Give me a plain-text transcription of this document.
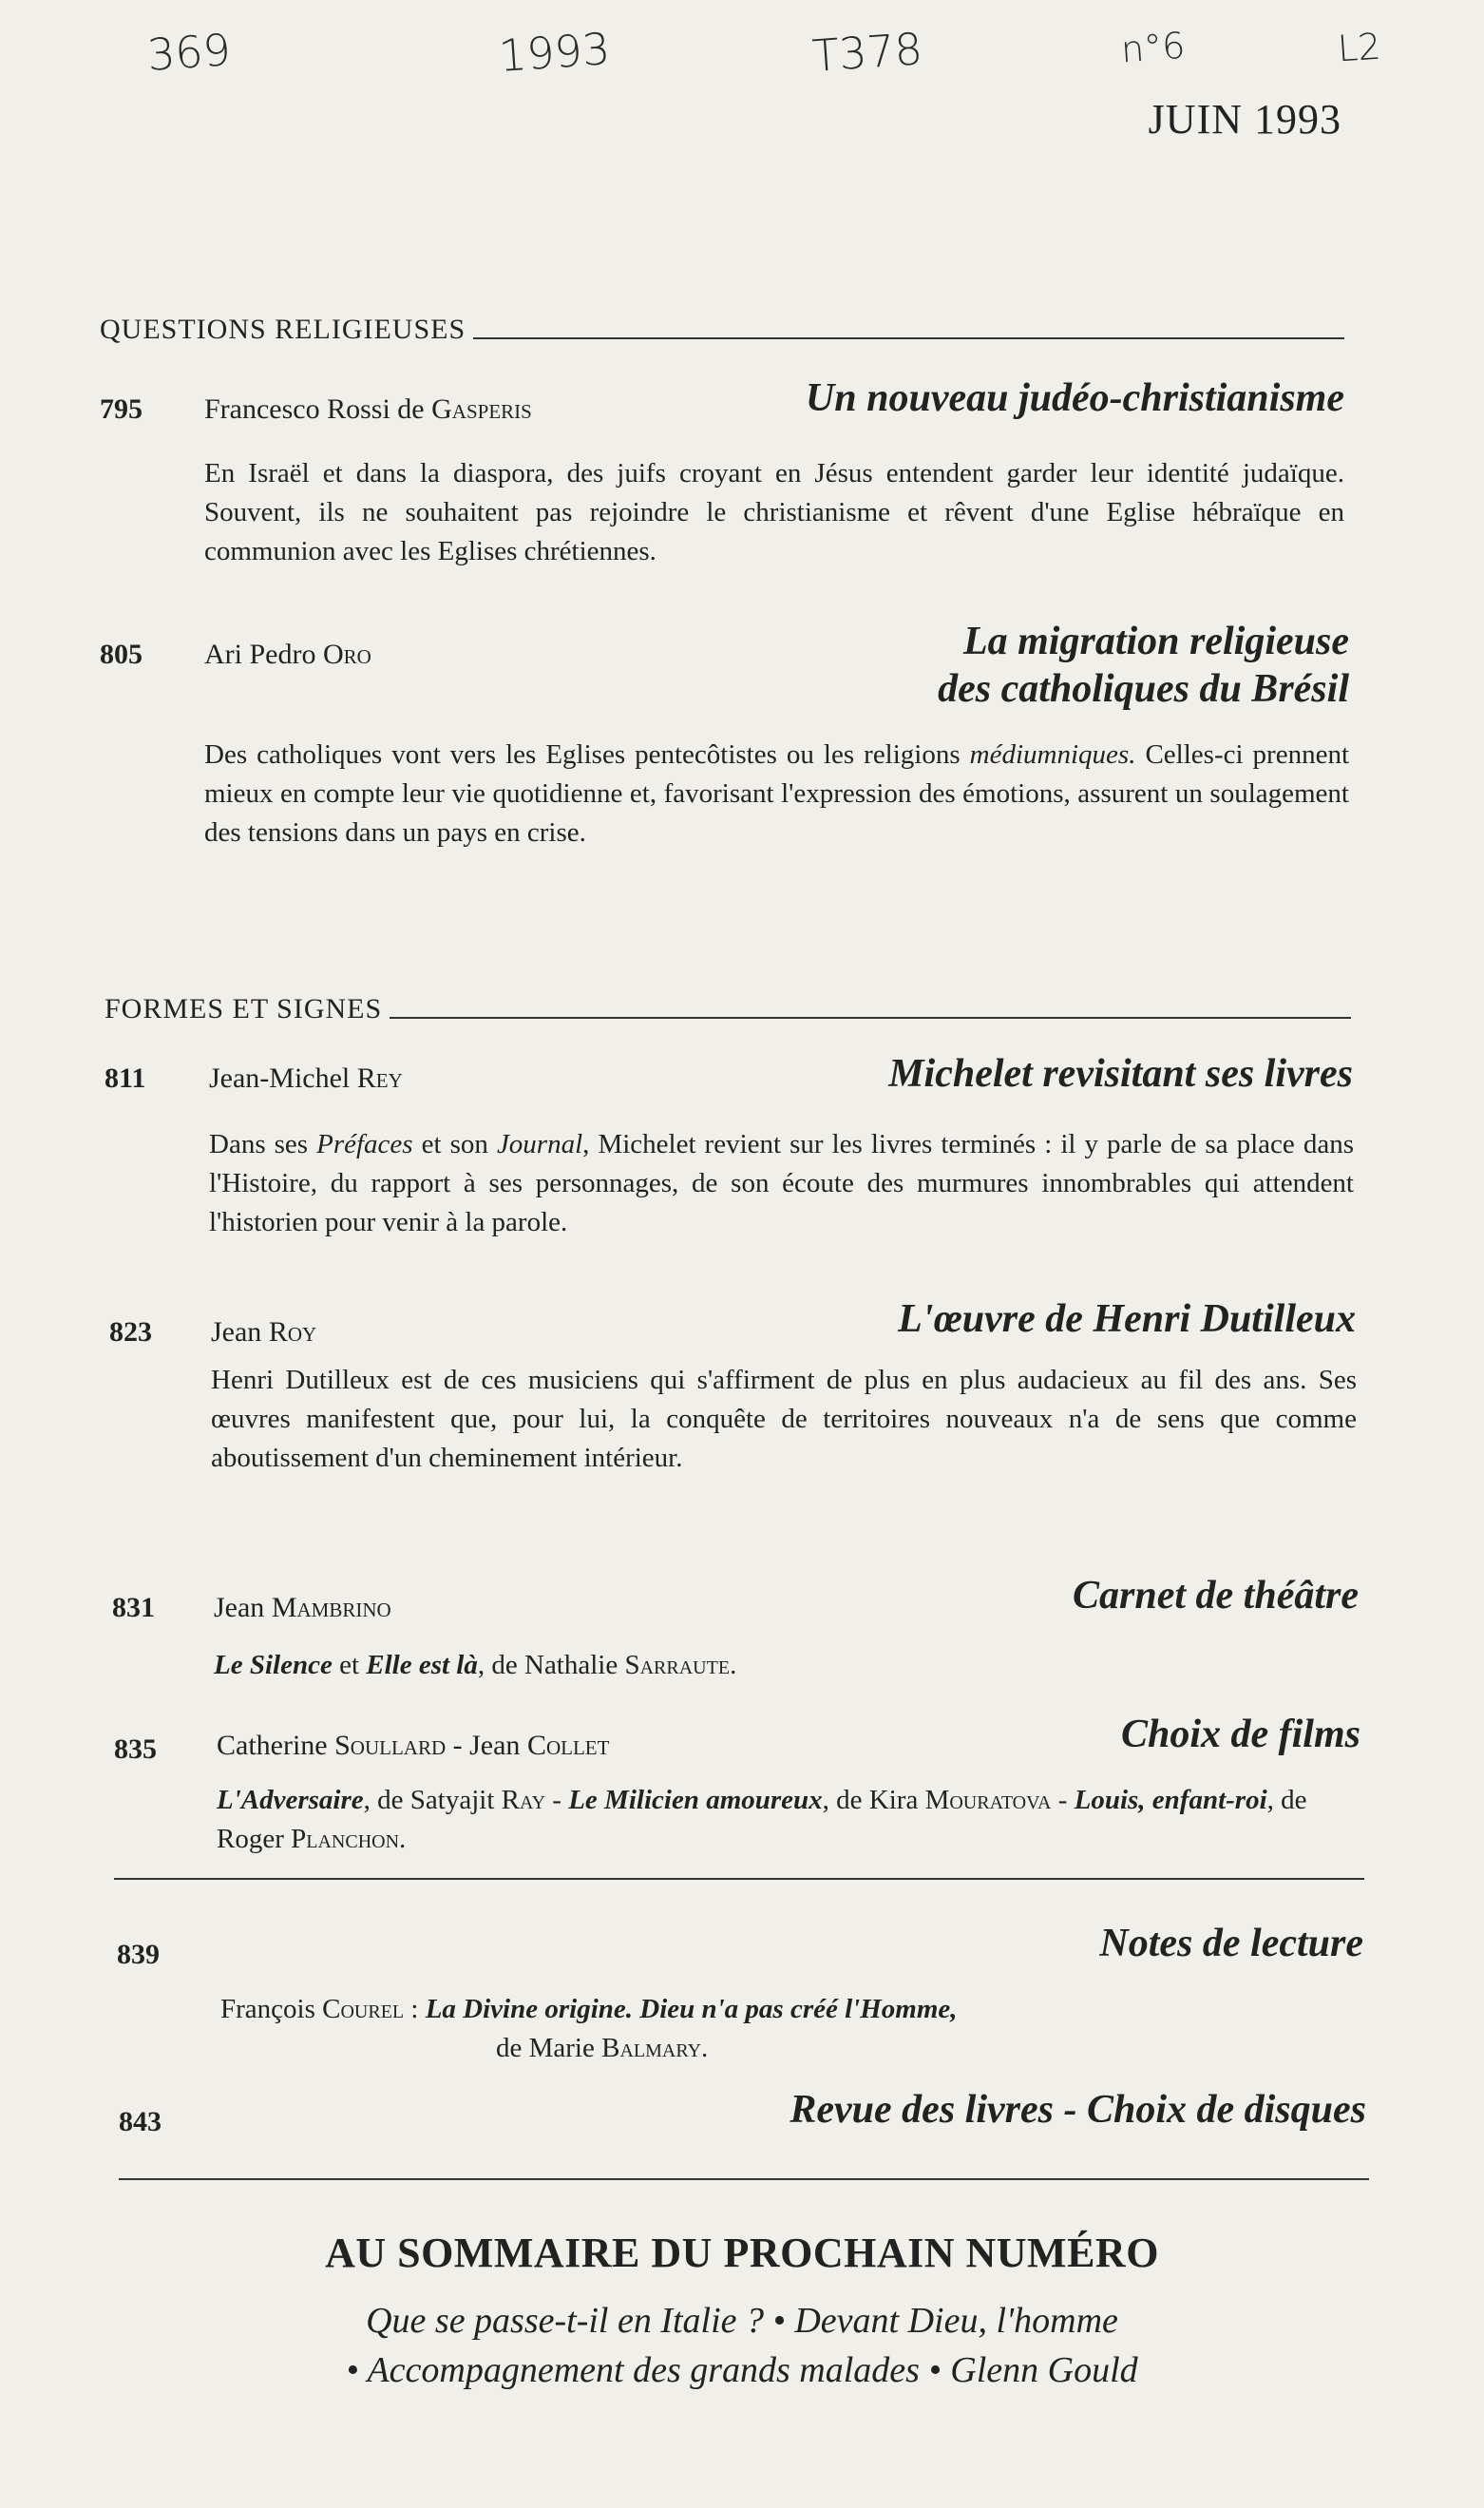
369	1993	T378	n°6	L2
JUIN 1993
QUESTIONS RELIGIEUSES
795 Francesco Rossi de Gasperis	Un nouveau judéo-christianisme
En Israël et dans la diaspora, des juifs croyant en Jésus entendent garder leur identité judaïque. Souvent, ils ne souhaitent pas rejoindre le christianisme et rêvent d'une Eglise hébraïque en communion avec les Eglises chrétiennes.
805 Ari Pedro Oro	La migration religieuse
des catholiques du Brésil
Des catholiques vont vers les Eglises pentecôtistes ou les religions médiumniques. Celles-ci prennent mieux en compte leur vie quotidienne et, favorisant l'expression des émotions, assurent un soulagement des tensions dans un pays en crise.
FORMES ET SIGNES
811 Jean-Michel Rey	Michelet revisitant ses livres
Dans ses Préfaces et son Journal, Michelet revient sur les livres terminés : il y parle de sa place dans l'Histoire, du rapport à ses personnages, de son écoute des murmures innombrables qui attendent l'historien pour venir à la parole.
823 Jean Roy	L'œuvre de Henri Dutilleux
Henri Dutilleux est de ces musiciens qui s'affirment de plus en plus audacieux au fil des ans. Ses œuvres manifestent que, pour lui, la conquête de territoires nouveaux n'a de sens que comme aboutissement d'un cheminement intérieur.
831 Jean Mambrino	Carnet de théâtre
Le Silence et Elle est là, de Nathalie Sarraute.
835 Catherine Soullard - Jean Collet	Choix de films
L'Adversaire, de Satyajit Ray - Le Milicien amoureux, de Kira Mouratova - Louis, enfant-roi, de Roger Planchon.
839	Notes de lecture
François Courel : La Divine origine. Dieu n'a pas créé l'Homme,
de Marie Balmary.
843	Revue des livres - Choix de disques
AU SOMMAIRE DU PROCHAIN NUMÉRO
Que se passe-t-il en Italie ? • Devant Dieu, l'homme
• Accompagnement des grands malades • Glenn Gould
